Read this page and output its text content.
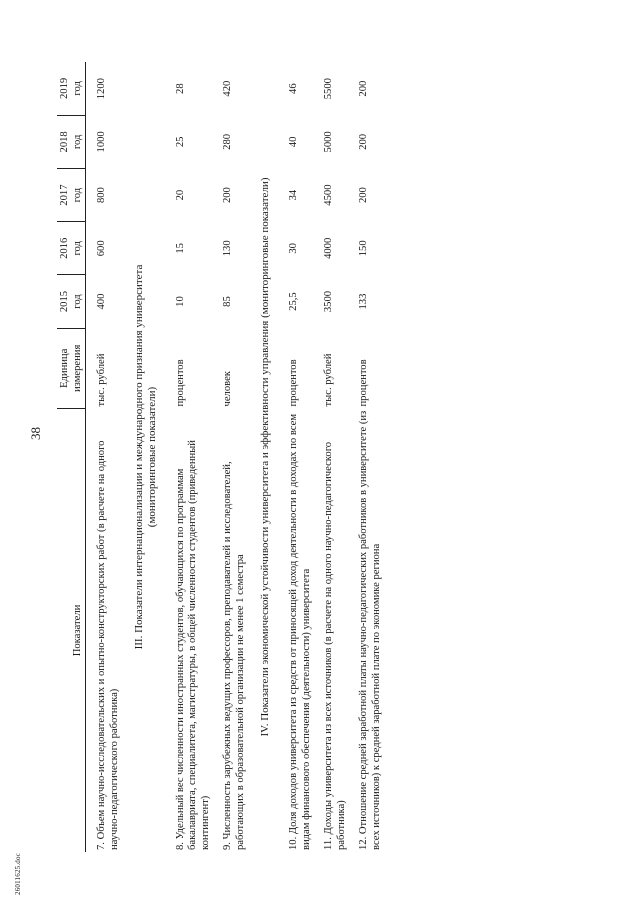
38
26011625.doc
Показатели	Единица измерения	2015 год	2016 год	2017 год	2018 год	2019 год

7. Объем научно-исследовательских и опытно-конструкторских работ (в расчете на одного научно-педагогического работника)	тыс. рублей	400	600	800	1000	1200

III. Показатели интернационализации и международного признания университета
(мониторинговые показатели)						

8. Удельный вес численности иностранных студентов, обучающихся по программам бакалавриата, специалитета, магистратуры, в общей численности студентов (приведенный контингент)	процентов	10	15	20	25	28

9. Численность зарубежных ведущих профессоров, преподавателей и исследователей, работающих в образовательной организации не менее 1 семестра	человек	85	130	200	280	420

IV. Показатели экономической устойчивости университета и эффективности управления (мониторинговые показатели)						

10. Доля доходов университета из средств от приносящей доход деятельности в доходах по всем видам финансового обеспечения (деятельности) университета	процентов	25,5	30	34	40	46

11. Доходы университета из всех источников (в расчете на одного научно-педагогического работника)	тыс. рублей	3500	4000	4500	5000	5500

12. Отношение средней заработной платы научно-педагогических работников в университете (из всех источников) к средней заработной плате по экономике региона	процентов	133	150	200	200	200
